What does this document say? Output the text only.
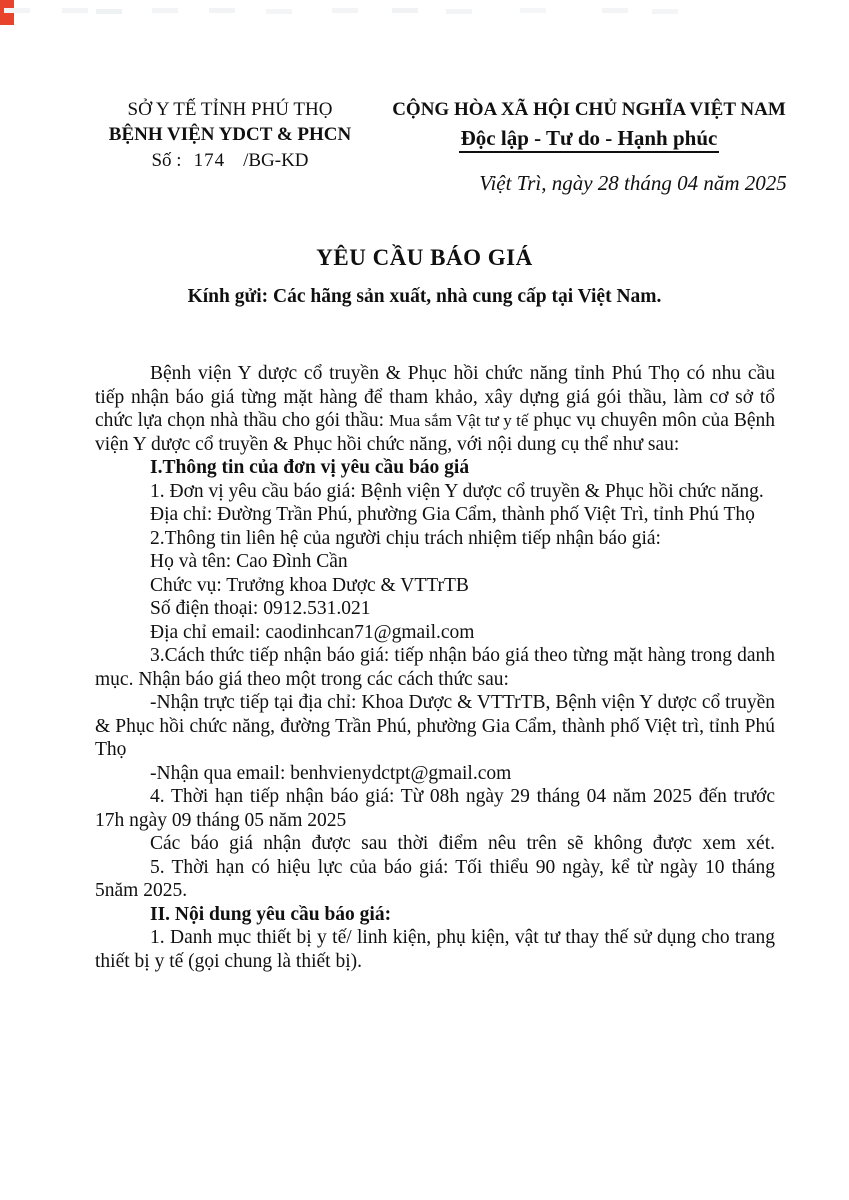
SỞ Y TẾ TỈNH PHÚ THỌ
BỆNH VIỆN YDCT & PHCN
Số : 174 /BG-KD
CỘNG HÒA XÃ HỘI CHỦ NGHĨA VIỆT NAM
Độc lập - Tư do - Hạnh phúc
Việt Trì, ngày 28 tháng 04 năm 2025
YÊU CẦU BÁO GIÁ
Kính gửi: Các hãng sản xuất, nhà cung cấp tại Việt Nam.

Bệnh viện Y dược cổ truyền & Phục hồi chức năng tỉnh Phú Thọ có nhu cầu tiếp nhận báo giá từng mặt hàng để tham khảo, xây dựng giá gói thầu, làm cơ sở tổ chức lựa chọn nhà thầu cho gói thầu: Mua sắm Vật tư y tế phục vụ chuyên môn của Bệnh viện Y dược cổ truyền & Phục hồi chức năng, với nội dung cụ thể như sau:

I.Thông tin của đơn vị yêu cầu báo giá

1. Đơn vị yêu cầu báo giá: Bệnh viện Y dược cổ truyền & Phục hồi chức năng.

Địa chỉ: Đường Trần Phú, phường Gia Cẩm, thành phố Việt Trì, tỉnh Phú Thọ

2.Thông tin liên hệ của người chịu trách nhiệm tiếp nhận báo giá:

Họ và tên: Cao Đình Cần

Chức vụ: Trưởng khoa Dược & VTTrTB

Số điện thoại: 0912.531.021

Địa chỉ email: caodinhcan71@gmail.com

3.Cách thức tiếp nhận báo giá: tiếp nhận báo giá theo từng mặt hàng trong danh mục. Nhận báo giá theo một trong các cách thức sau:

-Nhận trực tiếp tại địa chỉ: Khoa Dược & VTTrTB, Bệnh viện Y dược cổ truyền & Phục hồi chức năng, đường Trần Phú, phường Gia Cẩm, thành phố Việt trì, tỉnh Phú Thọ

-Nhận qua email: benhvienydctpt@gmail.com

4. Thời hạn tiếp nhận báo giá: Từ 08h ngày 29 tháng 04 năm 2025 đến trước 17h ngày 09 tháng 05 năm 2025

Các báo giá nhận được sau thời điểm nêu trên sẽ không được xem xét.

5. Thời hạn có hiệu lực của báo giá: Tối thiểu 90 ngày, kể từ ngày 10 tháng 5năm 2025.

II. Nội dung yêu cầu báo giá:

1. Danh mục thiết bị y tế/ linh kiện, phụ kiện, vật tư thay thế sử dụng cho trang thiết bị y tế (gọi chung là thiết bị).
